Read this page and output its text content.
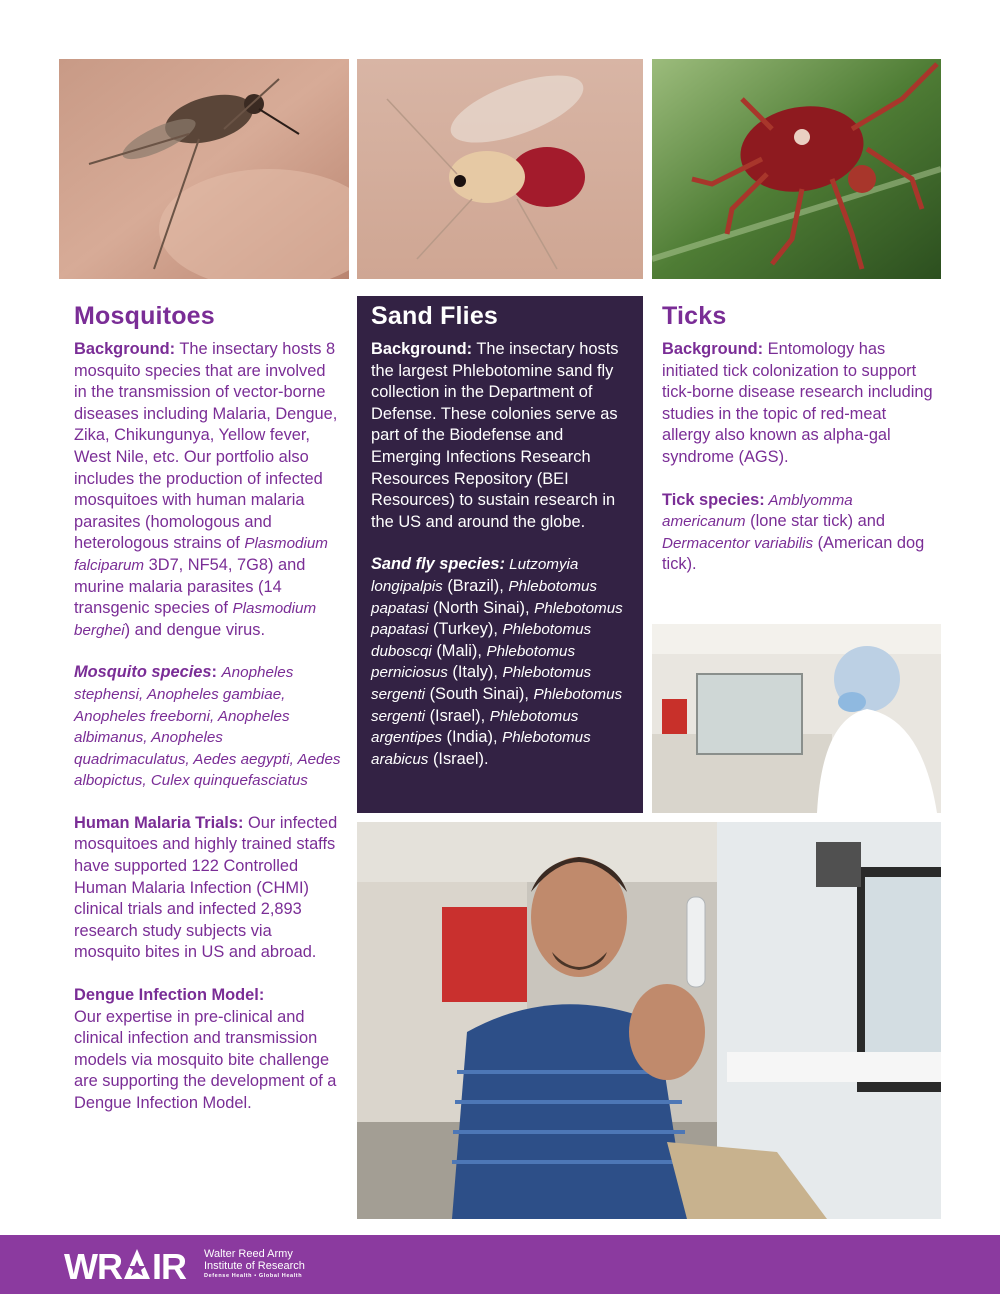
Mosquitoes

Background: The insectary hosts 8 mosquito species that are involved in the transmission of vector-borne diseases including Malaria, Dengue, Zika, Chikungunya, Yellow fever, West Nile, etc. Our portfolio also includes the production of infected mosquitoes with human malaria parasites (homologous and heterologous strains of Plasmodium falciparum 3D7, NF54, 7G8) and murine malaria parasites (14 transgenic species of Plasmodium berghei) and dengue virus.

Mosquito species: Anopheles stephensi, Anopheles gambiae, Anopheles freeborni, Anopheles albimanus, Anopheles quadrimaculatus, Aedes aegypti, Aedes albopictus, Culex quinquefasciatus

Human Malaria Trials: Our infected mosquitoes and highly trained staffs have supported 122 Controlled Human Malaria Infection (CHMI) clinical trials and infected 2,893 research study subjects via mosquito bites in US and abroad.

Dengue Infection Model:
Our expertise in pre-clinical and clinical infection and transmission models via mosquito bite challenge are supporting the development of a Dengue Infection Model.

Sand Flies

Background: The insectary hosts the largest Phlebotomine sand fly collection in the Department of Defense. These colonies serve as part of the Biodefense and Emerging Infections Research Resources Repository (BEI Resources) to sustain research in the US and around the globe.

Sand fly species: Lutzomyia longipalpis (Brazil), Phlebotomus papatasi (North Sinai), Phlebotomus papatasi (Turkey), Phlebotomus duboscqi (Mali), Phlebotomus perniciosus (Italy), Phlebotomus sergenti (South Sinai), Phlebotomus sergenti (Israel), Phlebotomus argentipes (India), Phlebotomus arabicus (Israel).

Ticks

Background: Entomology has initiated tick colonization to support tick-borne disease research including studies in the topic of red-meat allergy also known as alpha-gal syndrome (AGS).

Tick species: Amblyomma americanum (lone star tick) and Dermacentor variabilis (American dog tick).

WR IR Walter Reed Army
Institute of Research
Defense Health • Global Health
